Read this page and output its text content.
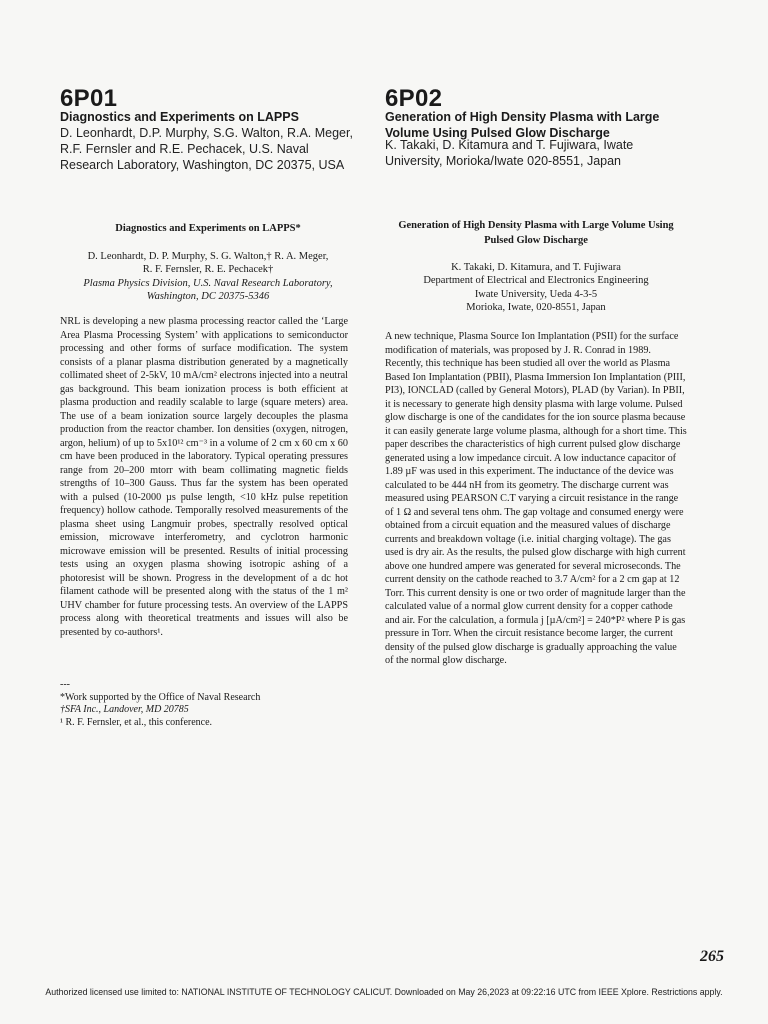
6P01
Diagnostics and Experiments on LAPPS
D. Leonhardt, D.P. Murphy, S.G. Walton, R.A. Meger, R.F. Fernsler and R.E. Pechacek, U.S. Naval Research Laboratory, Washington, DC 20375, USA
Diagnostics and Experiments on LAPPS*
D. Leonhardt, D. P. Murphy, S. G. Walton,† R. A. Meger,
R. F. Fernsler, R. E. Pechacek†
Plasma Physics Division, U.S. Naval Research Laboratory,
Washington, DC 20375-5346
NRL is developing a new plasma processing reactor called the ‘Large Area Plasma Processing System’ with applications to semiconductor processing and other forms of surface modification. The system consists of a planar plasma distribution generated by a magnetically collimated sheet of 2-5kV, 10 mA/cm² electrons injected into a neutral gas background. This beam ionization process is both efficient at plasma production and readily scalable to large (square meters) area. The use of a beam ionization source largely decouples the plasma production from the reactor chamber. Ion densities (oxygen, nitrogen, argon, helium) of up to 5x10¹² cm⁻³ in a volume of 2 cm x 60 cm x 60 cm have been produced in the laboratory. Typical operating pressures range from 20–200 mtorr with beam collimating magnetic fields strengths of 10–300 Gauss. Thus far the system has been operated with a pulsed (10-2000 µs pulse length, <10 kHz pulse repetition frequency) hollow cathode. Temporally resolved measurements of the plasma sheet using Langmuir probes, spectrally resolved optical emission, microwave interferometry, and cyclotron harmonic microwave emission will be presented. Results of initial processing tests using an oxygen plasma showing isotropic ashing of a photoresist will be shown. Progress in the development of a dc hot filament cathode will be presented along with the status of the 1 m² UHV chamber for future processing tests. An overview of the LAPPS process along with theoretical treatments and issues will also be presented by co-authors¹.
---
*Work supported by the Office of Naval Research
†SFA Inc., Landover, MD 20785
¹ R. F. Fernsler, et al., this conference.
6P02
Generation of High Density Plasma with Large Volume Using Pulsed Glow Discharge
K. Takaki, D. Kitamura and T. Fujiwara, Iwate University, Morioka/Iwate 020-8551, Japan
Generation of High Density Plasma with Large Volume Using Pulsed Glow Discharge
K. Takaki, D. Kitamura, and T. Fujiwara
Department of Electrical and Electronics Engineering
Iwate University, Ueda 4-3-5
Morioka, Iwate, 020-8551, Japan
A new technique, Plasma Source Ion Implantation (PSII) for the surface modification of materials, was proposed by J. R. Conrad in 1989. Recently, this technique has been studied all over the world as Plasma Based Ion Implantation (PBII), Plasma Immersion Ion Implantation (PIII, PI3), IONCLAD (called by General Motors), PLAD (by Varian). In PBII, it is necessary to generate high density plasma with large volume. Pulsed glow discharge is one of the candidates for the ion source plasma because it can easily generate large volume plasma, although for a short time. This paper describes the characteristics of high current pulsed glow discharge generated using a low impedance circuit. A low inductance capacitor of 1.89 µF was used in this experiment. The inductance of the device was calculated to be 444 nH from its geometry. The discharge current was measured using PEARSON C.T varying a circuit resistance in the range of 1 Ω and several tens ohm. The gap voltage and consumed energy were obtained from a circuit equation and the measured values of discharge currents and breakdown voltage (i.e. initial charging voltage). The gas used is dry air. As the results, the pulsed glow discharge with high current above one hundred ampere was generated for several microseconds. The current density on the cathode reached to 3.7 A/cm² for a 2 cm gap at 12 Torr. This current density is one or two order of magnitude larger than the calculated value of a normal glow current density for a copper cathode and air. For the calculation, a formula j [µA/cm²] = 240*P² where P is gas pressure in Torr. When the circuit resistance become larger, the current density of the pulsed glow discharge is gradually approaching the value of the normal glow discharge.
265
Authorized licensed use limited to: NATIONAL INSTITUTE OF TECHNOLOGY CALICUT. Downloaded on May 26,2023 at 09:22:16 UTC from IEEE Xplore. Restrictions apply.
